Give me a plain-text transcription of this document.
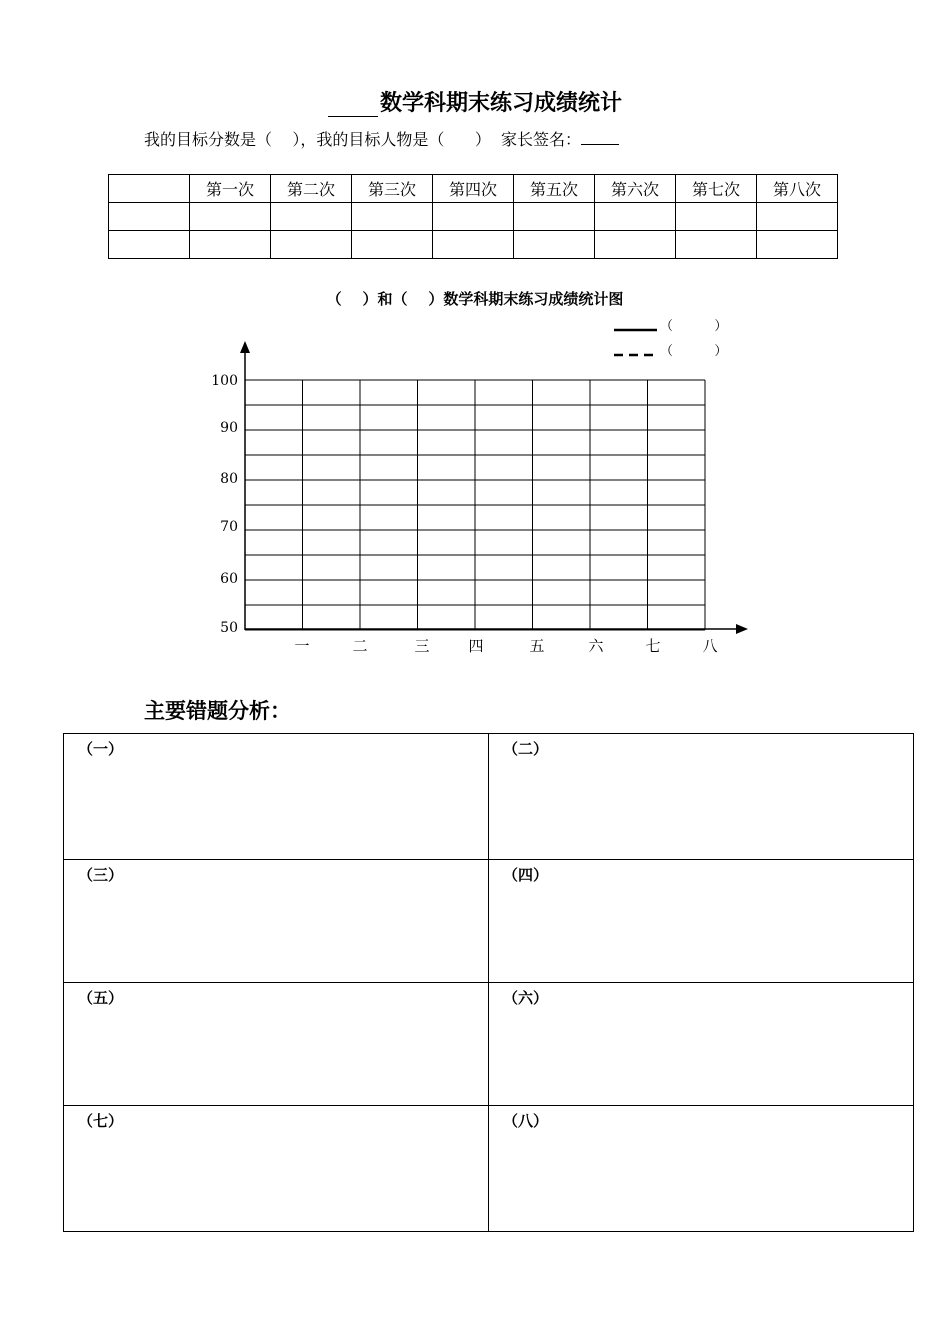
数学科期末练习成绩统计
我的目标分数是（    ），我的目标人物是（      ）  家长签名：
	第一次	第二次	第三次	第四次	第五次	第六次	第七次	第八次

（    ）和（    ）数学科期末练习成绩统计图
（          ）
（          ）
100
90
80
70
60
50
一	二	三	四	五	六	七	八
主要错题分析：
（一）	（二）
（三）	（四）
（五）	（六）
（七）	（八）
